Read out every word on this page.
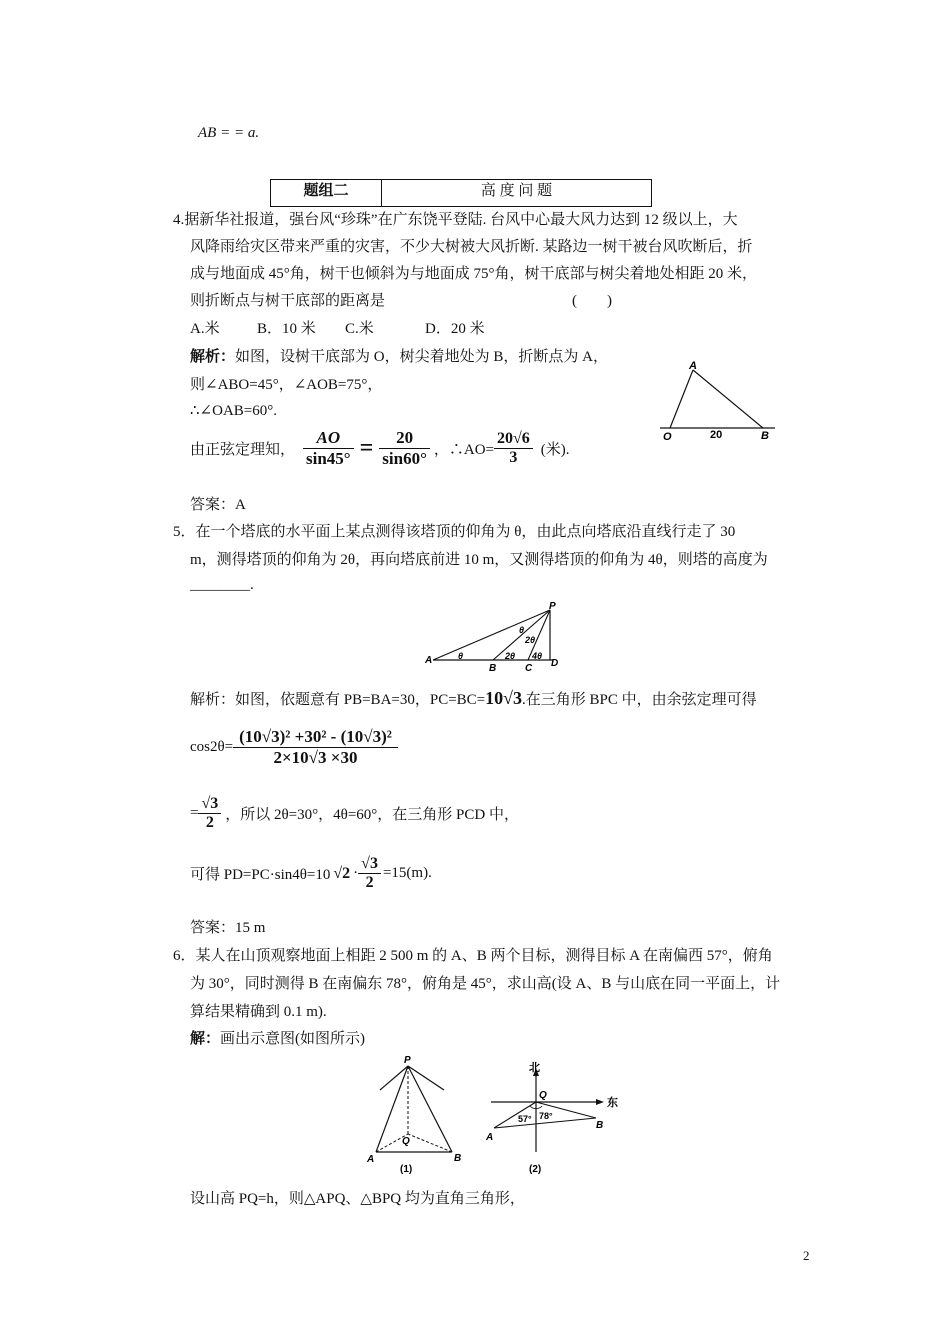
AB = = a.
题组二	高 度 问 题
4.据新华社报道，强台风“珍珠”在广东饶平登陆. 台风中心最大风力达到 12 级以上，大
风降雨给灾区带来严重的灾害，不少大树被大风折断. 某路边一树干被台风吹断后，折
成与地面成 45°角，树干也倾斜为与地面成 75°角，树干底部与树尖着地处相距 20 米，
则折断点与树干底部的距离是	(　　)
A.米 B．10 米 C.米	D．20 米
解析：如图，设树干底部为 O，树尖着地处为 B，折断点为 A，
则∠ABO=45°，∠AOB=75°，
∴∠OAB=60°.
A
O	20	B
由正弦定理知， $\frac{AO}{\sin 45^\circ} = \frac{20}{\sin 60^\circ}$ ，∴AO= $\frac{20√6}{3}$ (米).
答案：A
5．在一个塔底的水平面上某点测得该塔顶的仰角为 θ，由此点向塔底沿直线行走了 30
m，测得塔顶的仰角为 2θ，再向塔底前进 10 m，又测得塔顶的仰角为 4θ，则塔的高度为
________.
P
A
B	C D
θ
θ
2θ
2θ
4θ
解析：如图，依题意有 PB=BA=30，PC=BC= 10√3 .在三角形 BPC 中，由余弦定理可得
$\cos 2\theta= \frac{\text{(10√3)² +30² - (10√3)²}}{2\times 10√3 \times 30}$
= $\frac{√3}{2}$ ，所以 2θ=30°，4θ=60°，在三角形 PCD 中，
可得 PD=PC·sin4θ=10 $√2 \cdot \frac{√3}{2} =15(m)$.
答案：15 m
6．某人在山顶观察地面上相距 2 500 m 的 A、B 两个目标，测得目标 A 在南偏西 57°，俯角
为 30°，同时测得 B 在南偏东 78°，俯角是 45°，求山高(设 A、B 与山底在同一平面上，计
算结果精确到 0.1 m).
解：画出示意图(如图所示)
P
Q
A	B
(1)
北
东
Q
A
B
57° 78°
(2)
设山高 PQ=h，则△APQ、△BPQ 均为直角三角形，
2
